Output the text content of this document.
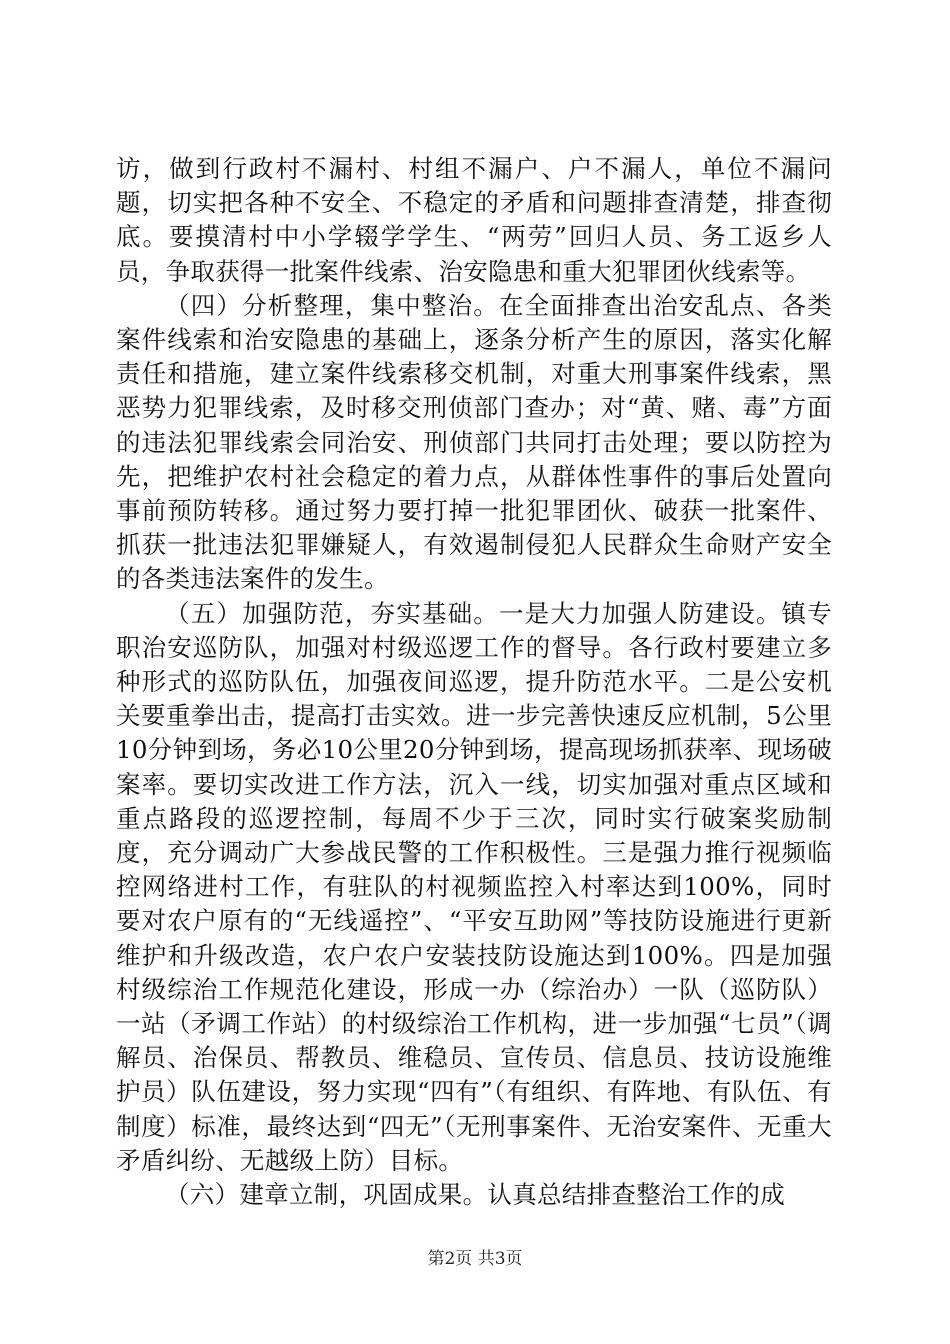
访，做到行政村不漏村、村组不漏户、户不漏人，单位不漏问题，切实把各种不安全、不稳定的矛盾和问题排查清楚，排查彻底。要摸清村中小学辍学学生、“两劳”回归人员、务工返乡人员，争取获得一批案件线索、治安隐患和重大犯罪团伙线索等。

（四）分析整理，集中整治。在全面排查出治安乱点、各类案件线索和治安隐患的基础上，逐条分析产生的原因，落实化解责任和措施，建立案件线索移交机制，对重大刑事案件线索，黑恶势力犯罪线索，及时移交刑侦部门查办；对“黄、赌、毒”方面的违法犯罪线索会同治安、刑侦部门共同打击处理；要以防控为先，把维护农村社会稳定的着力点，从群体性事件的事后处置向事前预防转移。通过努力要打掉一批犯罪团伙、破获一批案件、抓获一批违法犯罪嫌疑人，有效遏制侵犯人民群众生命财产安全的各类违法案件的发生。

（五）加强防范，夯实基础。一是大力加强人防建设。镇专职治安巡防队，加强对村级巡逻工作的督导。各行政村要建立多种形式的巡防队伍，加强夜间巡逻，提升防范水平。二是公安机关要重拳出击，提高打击实效。进一步完善快速反应机制，5公里10分钟到场，务必10公里20分钟到场，提高现场抓获率、现场破案率。要切实改进工作方法，沉入一线，切实加强对重点区域和重点路段的巡逻控制，每周不少于三次，同时实行破案奖励制度，充分调动广大参战民警的工作积极性。三是强力推行视频临控网络进村工作，有驻队的村视频监控入村率达到100%，同时要对农户原有的“无线遥控”、“平安互助网”等技防设施进行更新维护和升级改造，农户农户安装技防设施达到100%。四是加强村级综治工作规范化建设，形成一办（综治办）一队（巡防队）一站（矛调工作站）的村级综治工作机构，进一步加强“七员”（调解员、治保员、帮教员、维稳员、宣传员、信息员、技访设施维护员）队伍建设，努力实现“四有”（有组织、有阵地、有队伍、有制度）标准，最终达到“四无”（无刑事案件、无治安案件、无重大矛盾纠纷、无越级上防）目标。

（六）建章立制，巩固成果。认真总结排查整治工作的成

第2页 共3页
